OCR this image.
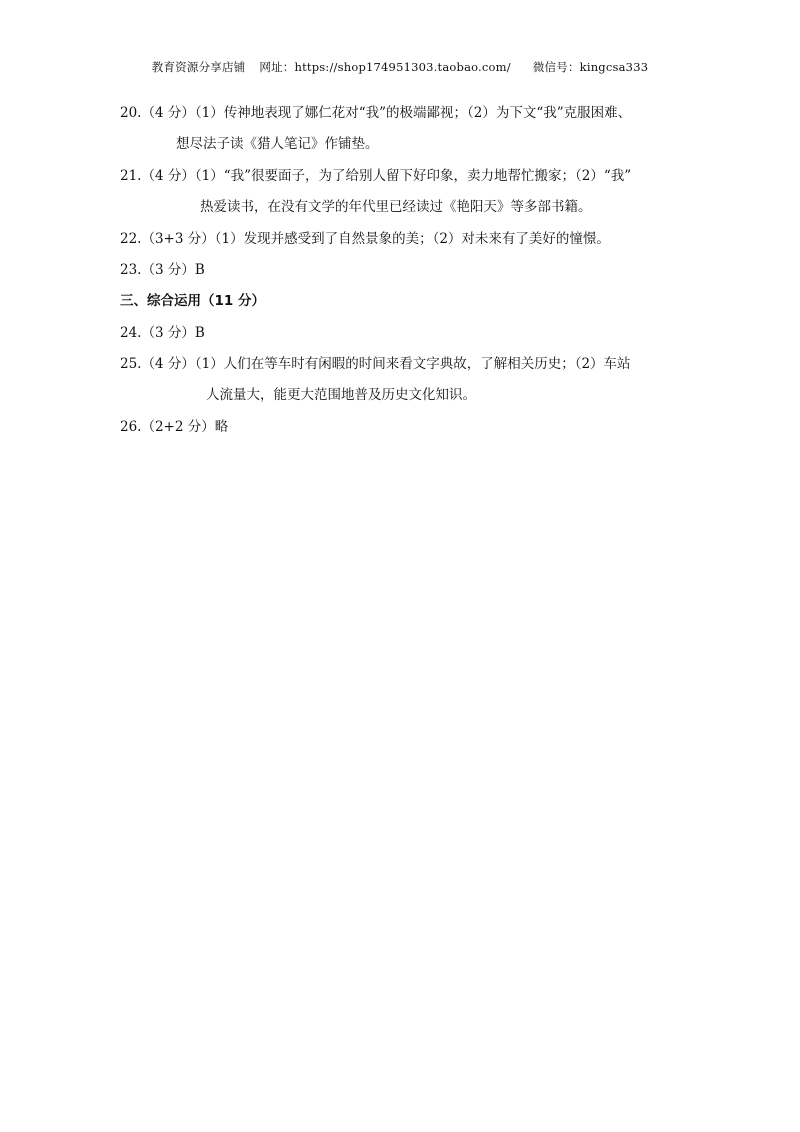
教育资源分享店铺 网址：https://shop174951303.taobao.com/ 微信号：kingcsa333
20.（4 分）（1）传神地表现了娜仁花对“我”的极端鄙视；（2）为下文“我”克服困难、
想尽法子读《猎人笔记》作铺垫。
21.（4 分）（1）“我”很要面子，为了给别人留下好印象，卖力地帮忙搬家；（2）“我”
热爱读书，在没有文学的年代里已经读过《艳阳天》等多部书籍。
22.（3+3 分）（1）发现并感受到了自然景象的美；（2）对未来有了美好的憧憬。
23.（3 分）B
三、综合运用（11 分）
24.（3 分）B
25.（4 分）（1）人们在等车时有闲暇的时间来看文字典故，了解相关历史；（2）车站
人流量大，能更大范围地普及历史文化知识。
26.（2+2 分）略
